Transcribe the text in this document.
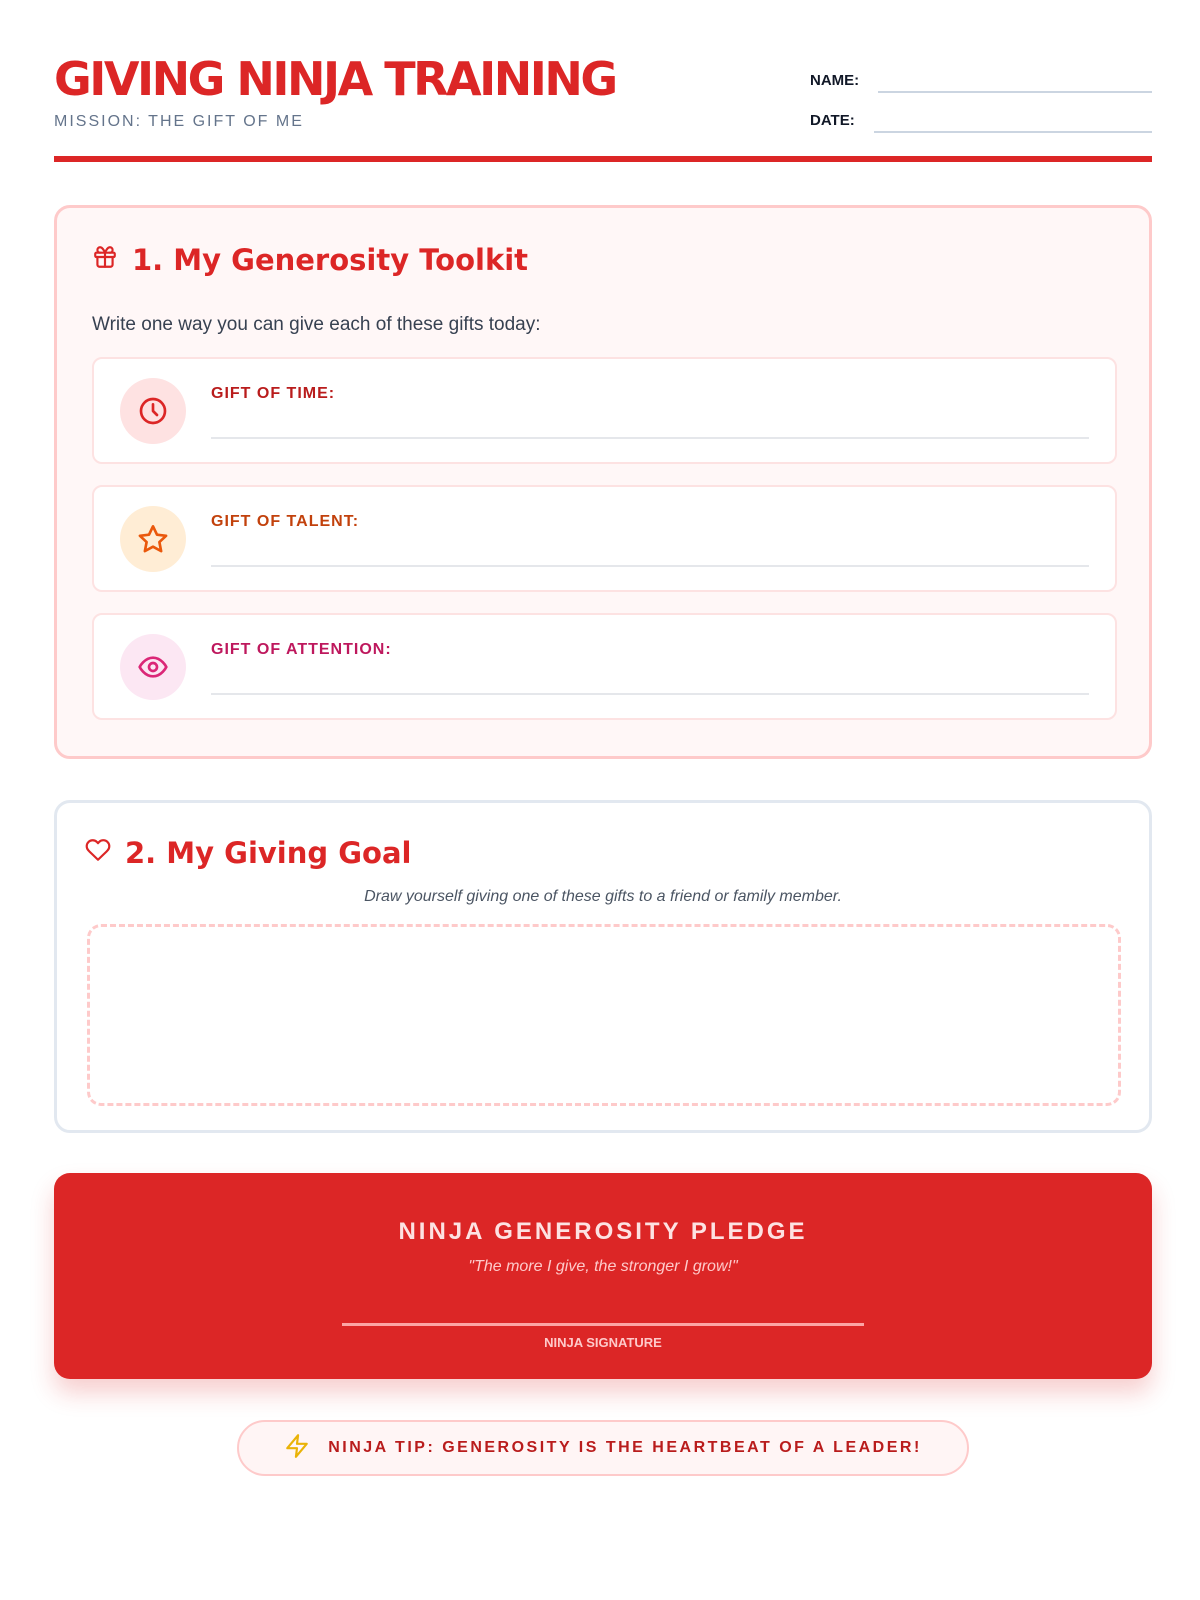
GIVING NINJA TRAINING
MISSION: THE GIFT OF ME
NAME:
DATE:
1. My Generosity Toolkit
Write one way you can give each of these gifts today:
GIFT OF TIME:
GIFT OF TALENT:
GIFT OF ATTENTION:
2. My Giving Goal
Draw yourself giving one of these gifts to a friend or family member.
NINJA GENEROSITY PLEDGE
"The more I give, the stronger I grow!"
NINJA SIGNATURE
NINJA TIP: GENEROSITY IS THE HEARTBEAT OF A LEADER!
